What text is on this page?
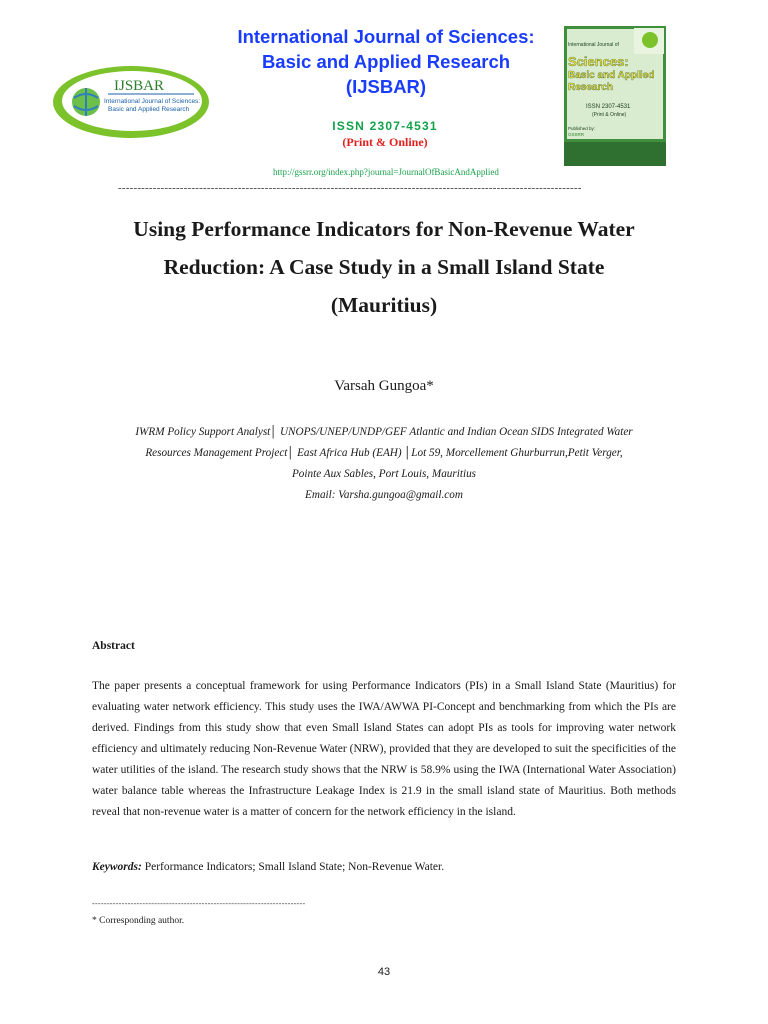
IJSBAR
International Journal of Sciences:
Basic and Applied Research
International Journal of Sciences:
Basic and Applied Research
(IJSBAR)
ISSN 2307-4531
(Print & Online)
http://gssrr.org/index.php?journal=JournalOfBasicAndApplied
------------------------------------------------------------------------------------------------------------------------
International Journal of
Sciences:
Basic and Applied
Research
ISSN 2307-4531
(Print & Online)
Published by:
GSSRR
Using Performance Indicators for Non-Revenue Water
Reduction: A Case Study in a Small Island State
(Mauritius)
Varsah Gungoa*
IWRM Policy Support Analyst│ UNOPS/UNEP/UNDP/GEF Atlantic and Indian Ocean SIDS Integrated Water
Resources Management Project│ East Africa Hub (EAH) │Lot 59, Morcellement Ghurburrun,Petit Verger,
Pointe Aux Sables, Port Louis, Mauritius
Email: Varsha.gungoa@gmail.com
Abstract
The paper presents a conceptual framework for using Performance Indicators (PIs) in a Small Island State (Mauritius) for evaluating water network efficiency. This study uses the IWA/AWWA PI-Concept and benchmarking from which the PIs are derived. Findings from this study show that even Small Island States can adopt PIs as tools for improving water network efficiency and ultimately reducing Non-Revenue Water (NRW), provided that they are developed to suit the specificities of the water utilities of the island. The research study shows that the NRW is 58.9% using the IWA (International Water Association) water balance table whereas the Infrastructure Leakage Index is 21.9 in the small island state of Mauritius. Both methods reveal that non-revenue water is a matter of concern for the network efficiency in the island.
Keywords: Performance Indicators; Small Island State; Non-Revenue Water.
------------------------------------------------------------------------
* Corresponding author.
43
